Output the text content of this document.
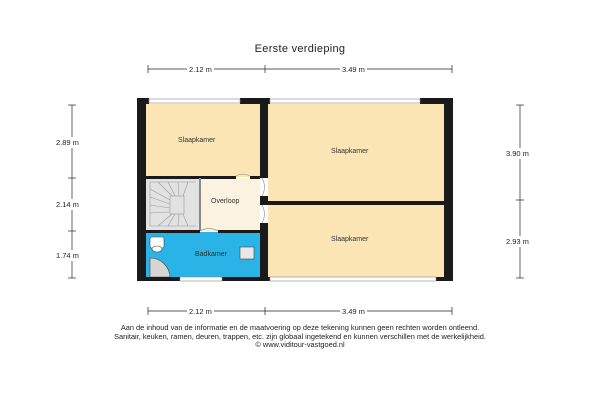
Eerste verdieping
2.12 m	3.49 m
2.12 m	3.49 m
2.89 m
2.14 m
1.74 m
3.90 m
2.93 m
Slaapkamer
Slaapkamer
Slaapkamer
Overloop
Badkamer
Aan de inhoud van de informatie en de maatvoering op deze tekening kunnen geen rechten worden ontleend.
Sanitair, keuken, ramen, deuren, trappen, etc. zijn globaal ingetekend en kunnen verschillen met de werkelijkheid.
© www.viditour-vastgoed.nl
